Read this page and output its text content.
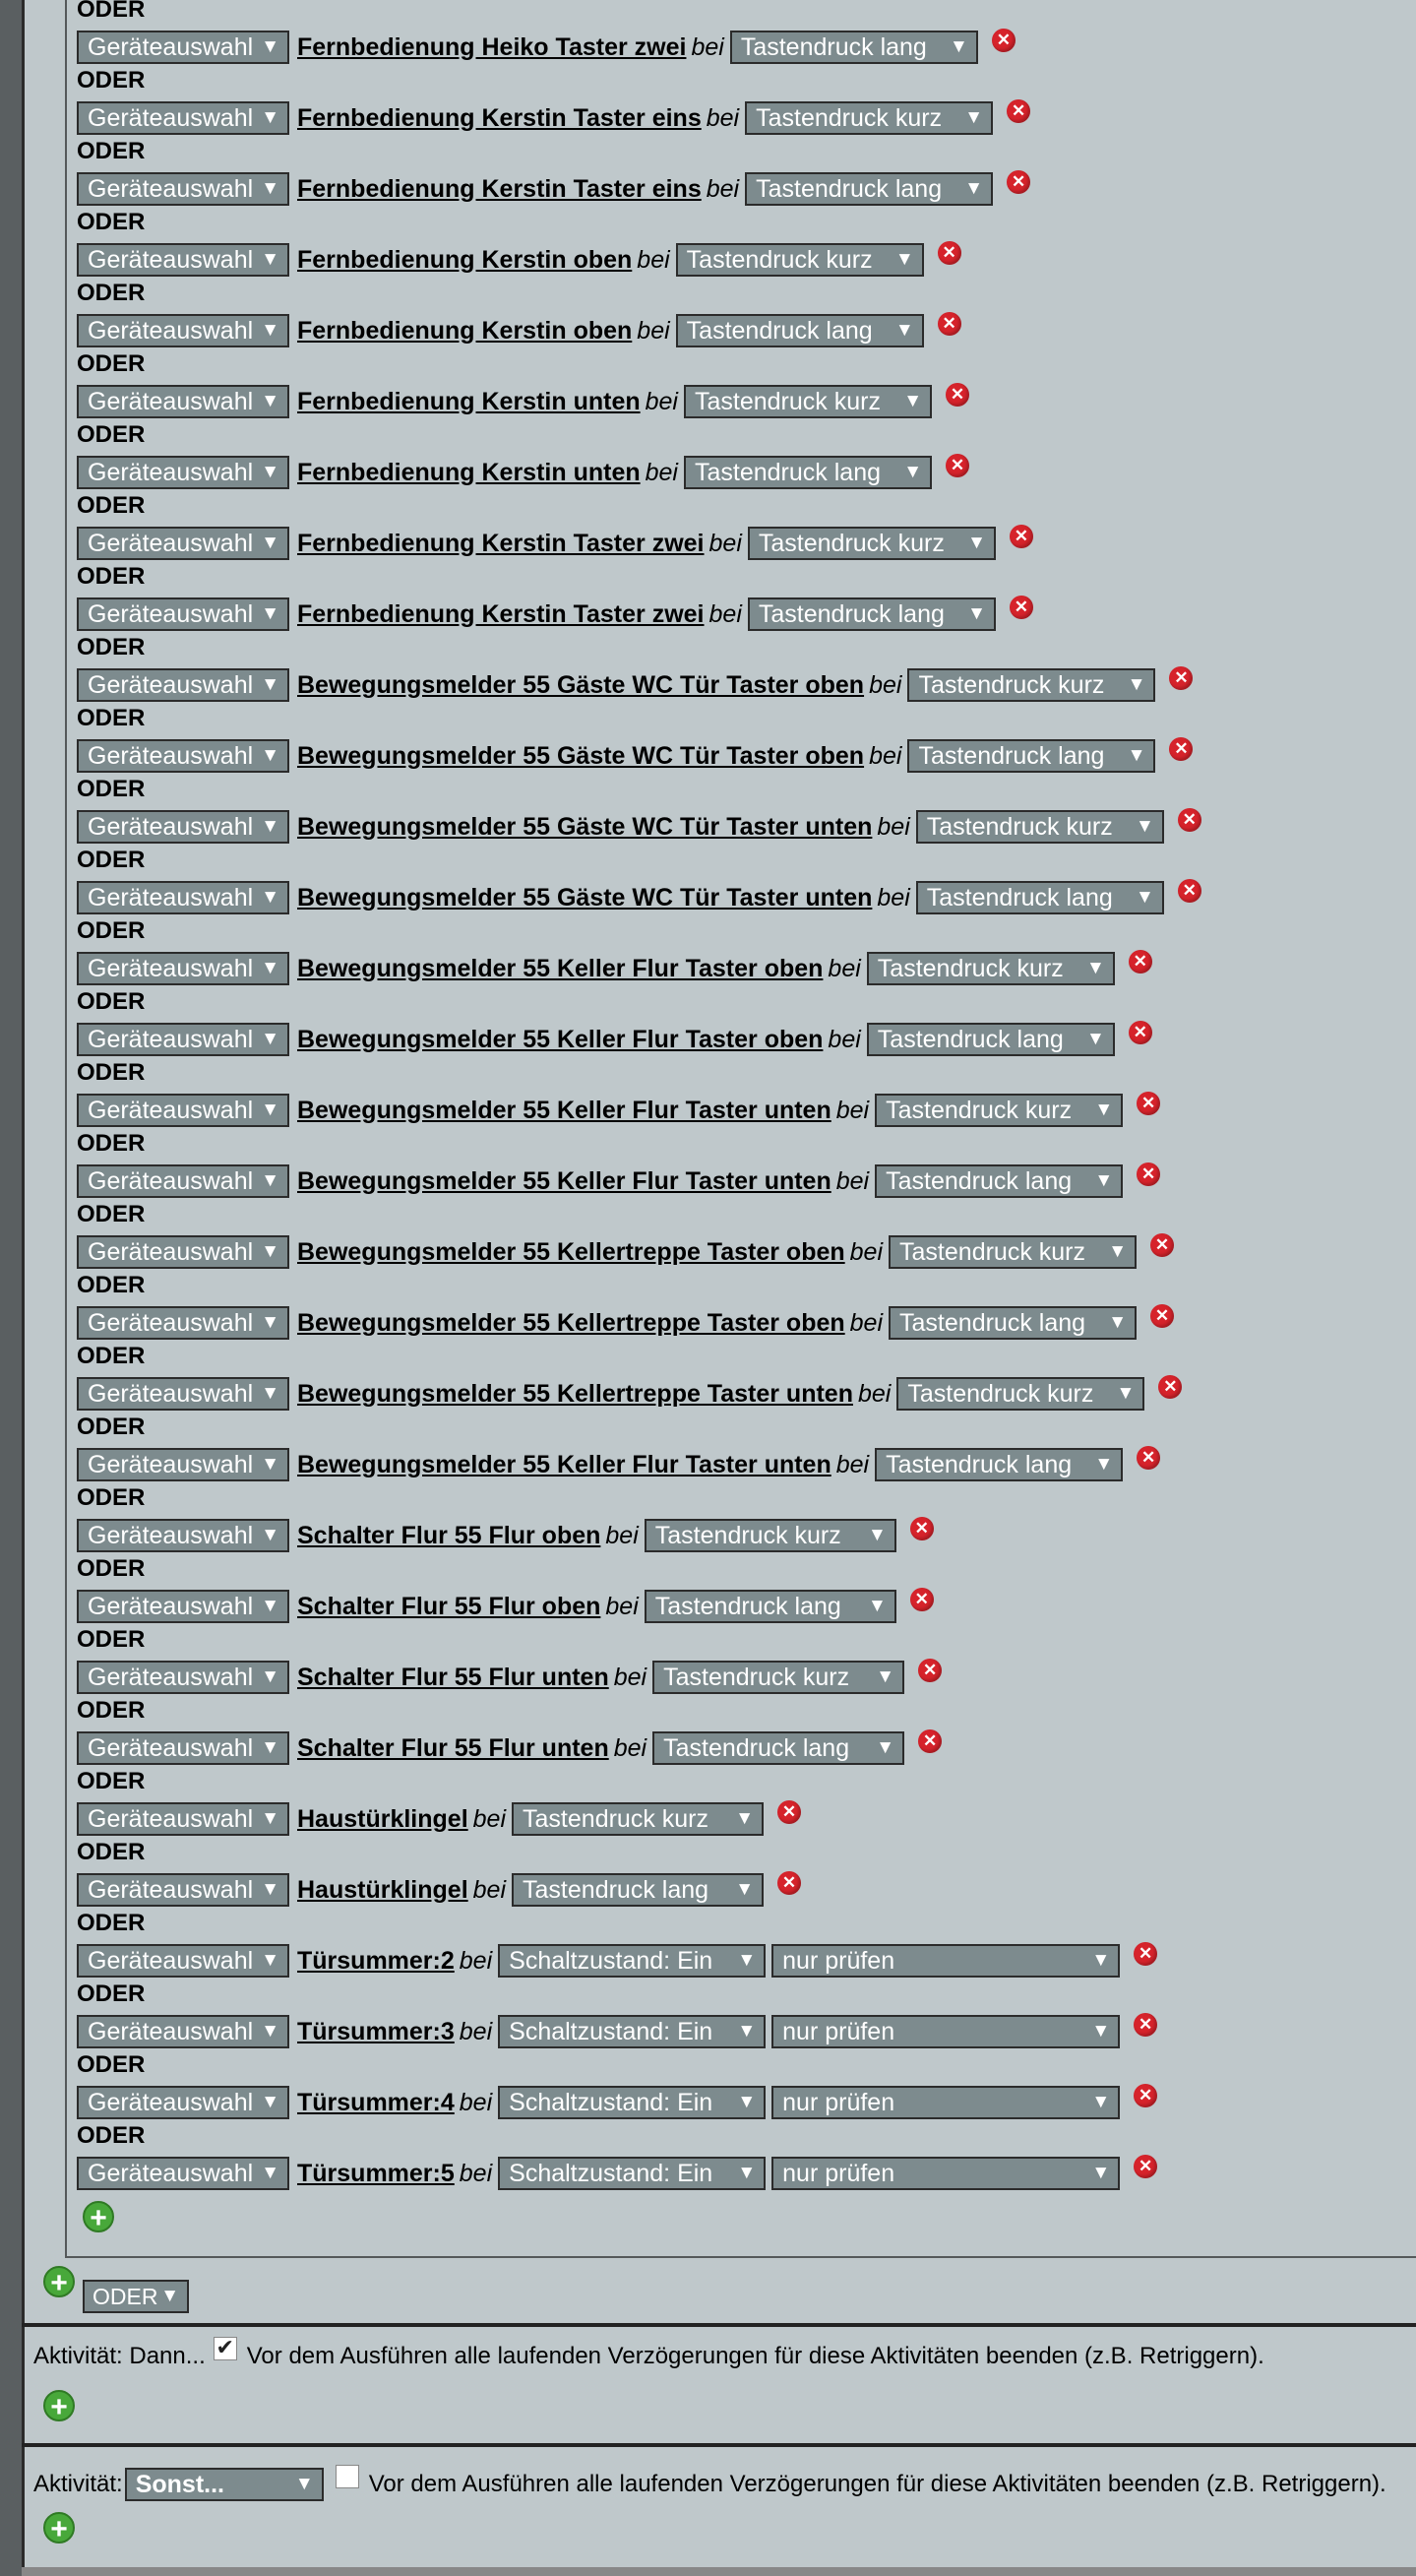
ODER
Geräteauswahl ▼ Fernbedienung Heiko Taster zwei bei Tastendruck lang ▼ ✕
ODER
Geräteauswahl ▼ Fernbedienung Kerstin Taster eins bei Tastendruck kurz ▼ ✕
ODER
Geräteauswahl ▼ Fernbedienung Kerstin Taster eins bei Tastendruck lang ▼ ✕
ODER
Geräteauswahl ▼ Fernbedienung Kerstin oben bei Tastendruck kurz ▼ ✕
ODER
Geräteauswahl ▼ Fernbedienung Kerstin oben bei Tastendruck lang ▼ ✕
ODER
Geräteauswahl ▼ Fernbedienung Kerstin unten bei Tastendruck kurz ▼ ✕
ODER
Geräteauswahl ▼ Fernbedienung Kerstin unten bei Tastendruck lang ▼ ✕
ODER
Geräteauswahl ▼ Fernbedienung Kerstin Taster zwei bei Tastendruck kurz ▼ ✕
ODER
Geräteauswahl ▼ Fernbedienung Kerstin Taster zwei bei Tastendruck lang ▼ ✕
ODER
Geräteauswahl ▼ Bewegungsmelder 55 Gäste WC Tür Taster oben bei Tastendruck kurz ▼ ✕
ODER
Geräteauswahl ▼ Bewegungsmelder 55 Gäste WC Tür Taster oben bei Tastendruck lang ▼ ✕
ODER
Geräteauswahl ▼ Bewegungsmelder 55 Gäste WC Tür Taster unten bei Tastendruck kurz ▼ ✕
ODER
Geräteauswahl ▼ Bewegungsmelder 55 Gäste WC Tür Taster unten bei Tastendruck lang ▼ ✕
ODER
Geräteauswahl ▼ Bewegungsmelder 55 Keller Flur Taster oben bei Tastendruck kurz ▼ ✕
ODER
Geräteauswahl ▼ Bewegungsmelder 55 Keller Flur Taster oben bei Tastendruck lang ▼ ✕
ODER
Geräteauswahl ▼ Bewegungsmelder 55 Keller Flur Taster unten bei Tastendruck kurz ▼ ✕
ODER
Geräteauswahl ▼ Bewegungsmelder 55 Keller Flur Taster unten bei Tastendruck lang ▼ ✕
ODER
Geräteauswahl ▼ Bewegungsmelder 55 Kellertreppe Taster oben bei Tastendruck kurz ▼ ✕
ODER
Geräteauswahl ▼ Bewegungsmelder 55 Kellertreppe Taster oben bei Tastendruck lang ▼ ✕
ODER
Geräteauswahl ▼ Bewegungsmelder 55 Kellertreppe Taster unten bei Tastendruck kurz ▼ ✕
ODER
Geräteauswahl ▼ Bewegungsmelder 55 Keller Flur Taster unten bei Tastendruck lang ▼ ✕
ODER
Geräteauswahl ▼ Schalter Flur 55 Flur oben bei Tastendruck kurz ▼ ✕
ODER
Geräteauswahl ▼ Schalter Flur 55 Flur oben bei Tastendruck lang ▼ ✕
ODER
Geräteauswahl ▼ Schalter Flur 55 Flur unten bei Tastendruck kurz ▼ ✕
ODER
Geräteauswahl ▼ Schalter Flur 55 Flur unten bei Tastendruck lang ▼ ✕
ODER
Geräteauswahl ▼ Haustürklingel bei Tastendruck kurz ▼ ✕
ODER
Geräteauswahl ▼ Haustürklingel bei Tastendruck lang ▼ ✕
ODER
Geräteauswahl ▼ Türsummer:2 bei Schaltzustand: Ein ▼	nur prüfen	▼ ✕
ODER
Geräteauswahl ▼ Türsummer:3 bei Schaltzustand: Ein ▼	nur prüfen	▼ ✕
ODER
Geräteauswahl ▼ Türsummer:4 bei Schaltzustand: Ein ▼	nur prüfen	▼ ✕
ODER
Geräteauswahl ▼ Türsummer:5 bei Schaltzustand: Ein ▼	nur prüfen	▼ ✕
+
+	ODER ▼
Aktivität: Dann... ✔ Vor dem Ausführen alle laufenden Verzögerungen für diese Aktivitäten beenden (z.B. Retriggern).
+
Aktivität: Sonst...	▼ Vor dem Ausführen alle laufenden Verzögerungen für diese Aktivitäten beenden (z.B. Retriggern).
+
